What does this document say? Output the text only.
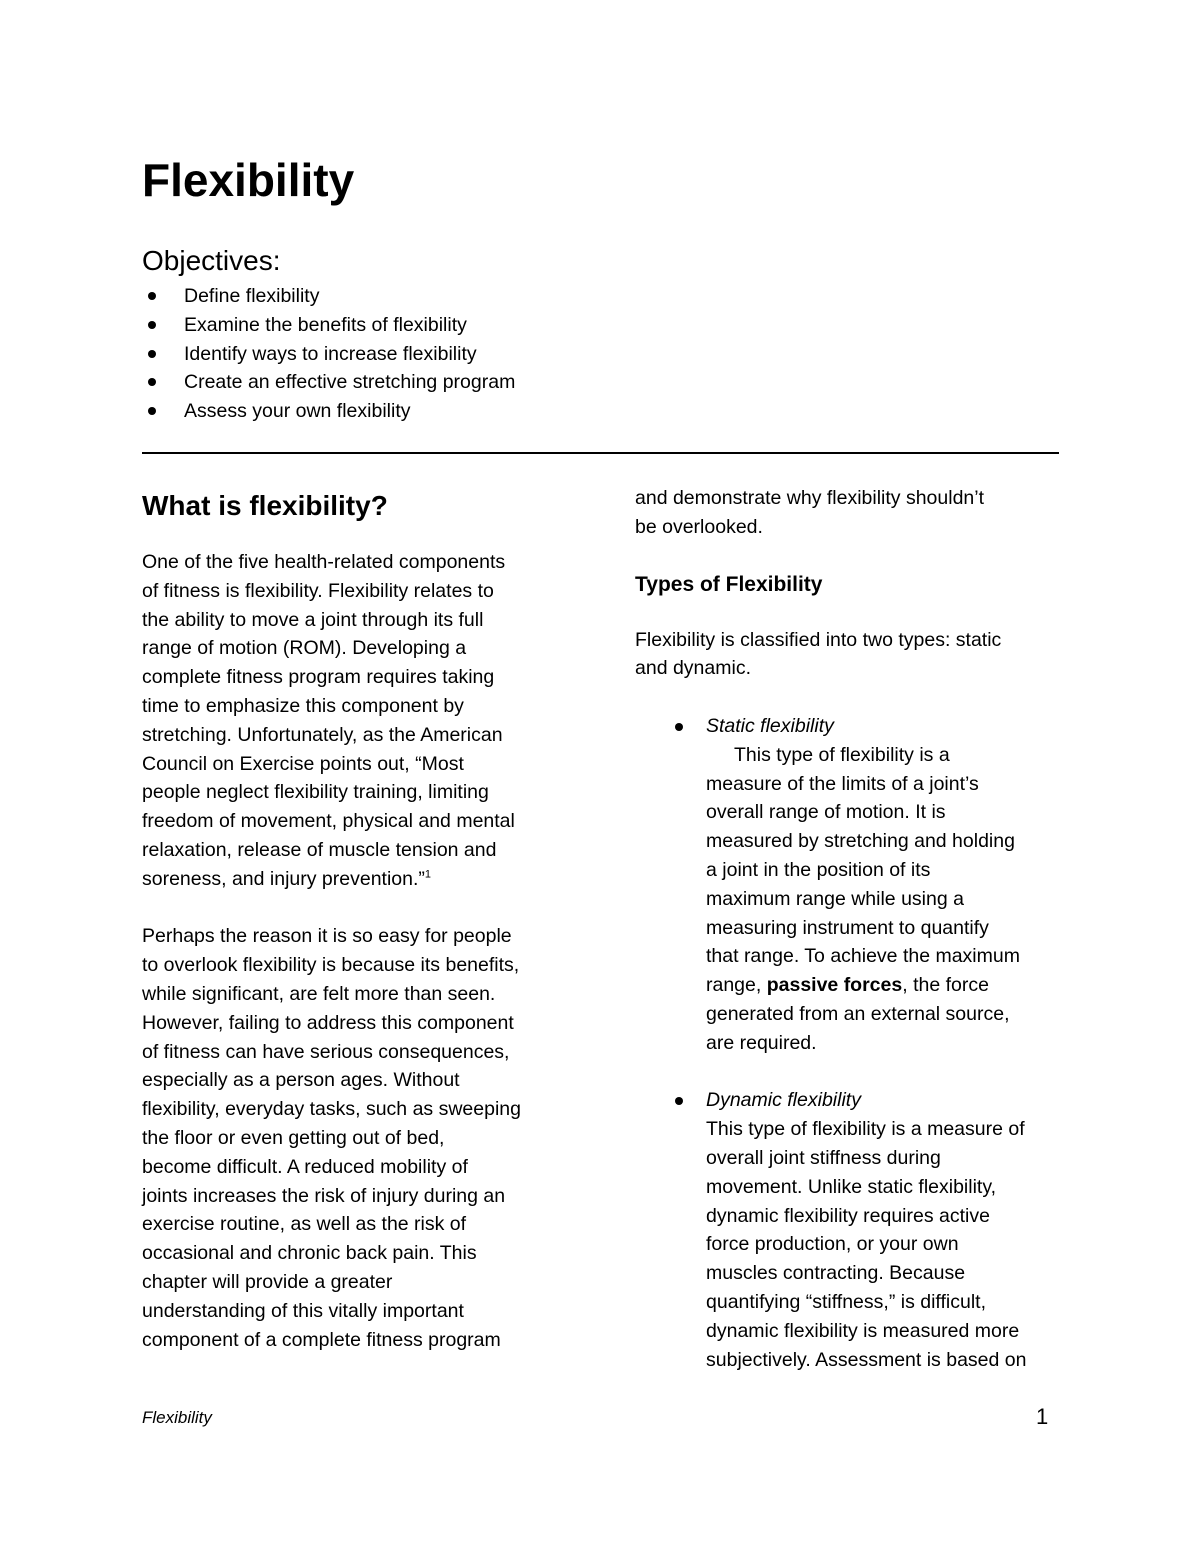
Flexibility
Objectives:
Define flexibility
Examine the benefits of flexibility
Identify ways to increase flexibility
Create an effective stretching program
Assess your own flexibility
What is flexibility?
One of the five health-related components
of fitness is flexibility. Flexibility relates to
the ability to move a joint through its full
range of motion (ROM). Developing a
complete fitness program requires taking
time to emphasize this component by
stretching. Unfortunately, as the American
Council on Exercise points out, “Most
people neglect flexibility training, limiting
freedom of movement, physical and mental
relaxation, release of muscle tension and
soreness, and injury prevention.”$^1$
Perhaps the reason it is so easy for people
to overlook flexibility is because its benefits,
while significant, are felt more than seen.
However, failing to address this component
of fitness can have serious consequences,
especially as a person ages. Without
flexibility, everyday tasks, such as sweeping
the floor or even getting out of bed,
become difficult. A reduced mobility of
joints increases the risk of injury during an
exercise routine, as well as the risk of
occasional and chronic back pain. This
chapter will provide a greater
understanding of this vitally important
component of a complete fitness program
and demonstrate why flexibility shouldn’t
be overlooked.
Types of Flexibility
Flexibility is classified into two types: static
and dynamic.
Static flexibility
This type of flexibility is a
measure of the limits of a joint’s
overall range of motion. It is
measured by stretching and holding
a joint in the position of its
maximum range while using a
measuring instrument to quantify
that range. To achieve the maximum
range, passive forces, the force
generated from an external source,
are required.
Dynamic flexibility
This type of flexibility is a measure of
overall joint stiffness during
movement. Unlike static flexibility,
dynamic flexibility requires active
force production, or your own
muscles contracting. Because
quantifying “stiffness,” is difficult,
dynamic flexibility is measured more
subjectively. Assessment is based on
Flexibility	1
